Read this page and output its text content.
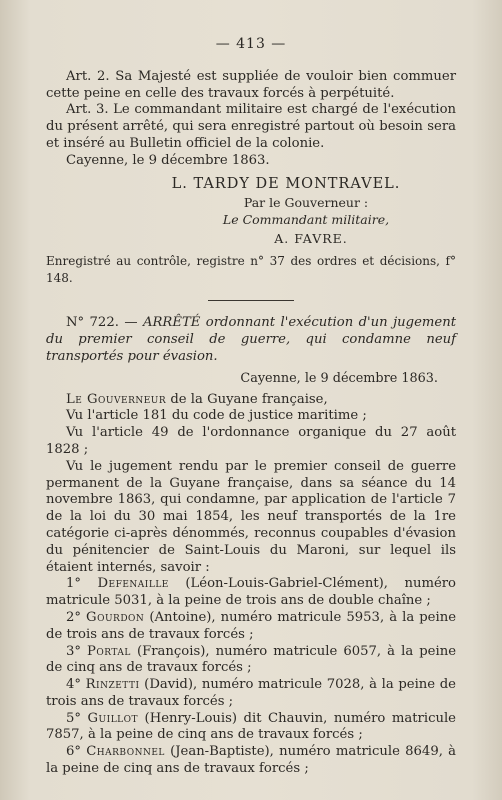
— 413 —

Art. 2. Sa Majesté est suppliée de vouloir bien commuer cette peine en celle des travaux forcés à perpétuité.

Art. 3. Le commandant militaire est chargé de l'exécution du présent arrêté, qui sera enregistré partout où besoin sera et inséré au Bulletin officiel de la colonie.

Cayenne, le 9 décembre 1863.

L. TARDY DE MONTRAVEL.
Par le Gouverneur :
Le Commandant militaire,
A. FAVRE.

Enregistré au contrôle, registre n° 37 des ordres et décisions, f° 148.

N° 722. — ARRÊTÉ ordonnant l'exécution d'un jugement du premier conseil de guerre, qui condamne neuf transportés pour évasion.

Cayenne, le 9 décembre 1863.

Le Gouverneur de la Guyane française,

Vu l'article 181 du code de justice maritime ;

Vu l'article 49 de l'ordonnance organique du 27 août 1828 ;

Vu le jugement rendu par le premier conseil de guerre permanent de la Guyane française, dans sa séance du 14 novembre 1863, qui condamne, par application de l'article 7 de la loi du 30 mai 1854, les neuf transportés de la 1re catégorie ci-après dénommés, reconnus coupables d'évasion du pénitencier de Saint-Louis du Maroni, sur lequel ils étaient internés, savoir :

1° Defenaille (Léon-Louis-Gabriel-Clément), numéro matricule 5031, à la peine de trois ans de double chaîne ;

2° Gourdon (Antoine), numéro matricule 5953, à la peine de trois ans de travaux forcés ;

3° Portal (François), numéro matricule 6057, à la peine de cinq ans de travaux forcés ;

4° Rinzetti (David), numéro matricule 7028, à la peine de trois ans de travaux forcés ;

5° Guillot (Henry-Louis) dit Chauvin, numéro matricule 7857, à la peine de cinq ans de travaux forcés ;

6° Charbonnel (Jean-Baptiste), numéro matricule 8649, à la peine de cinq ans de travaux forcés ;
